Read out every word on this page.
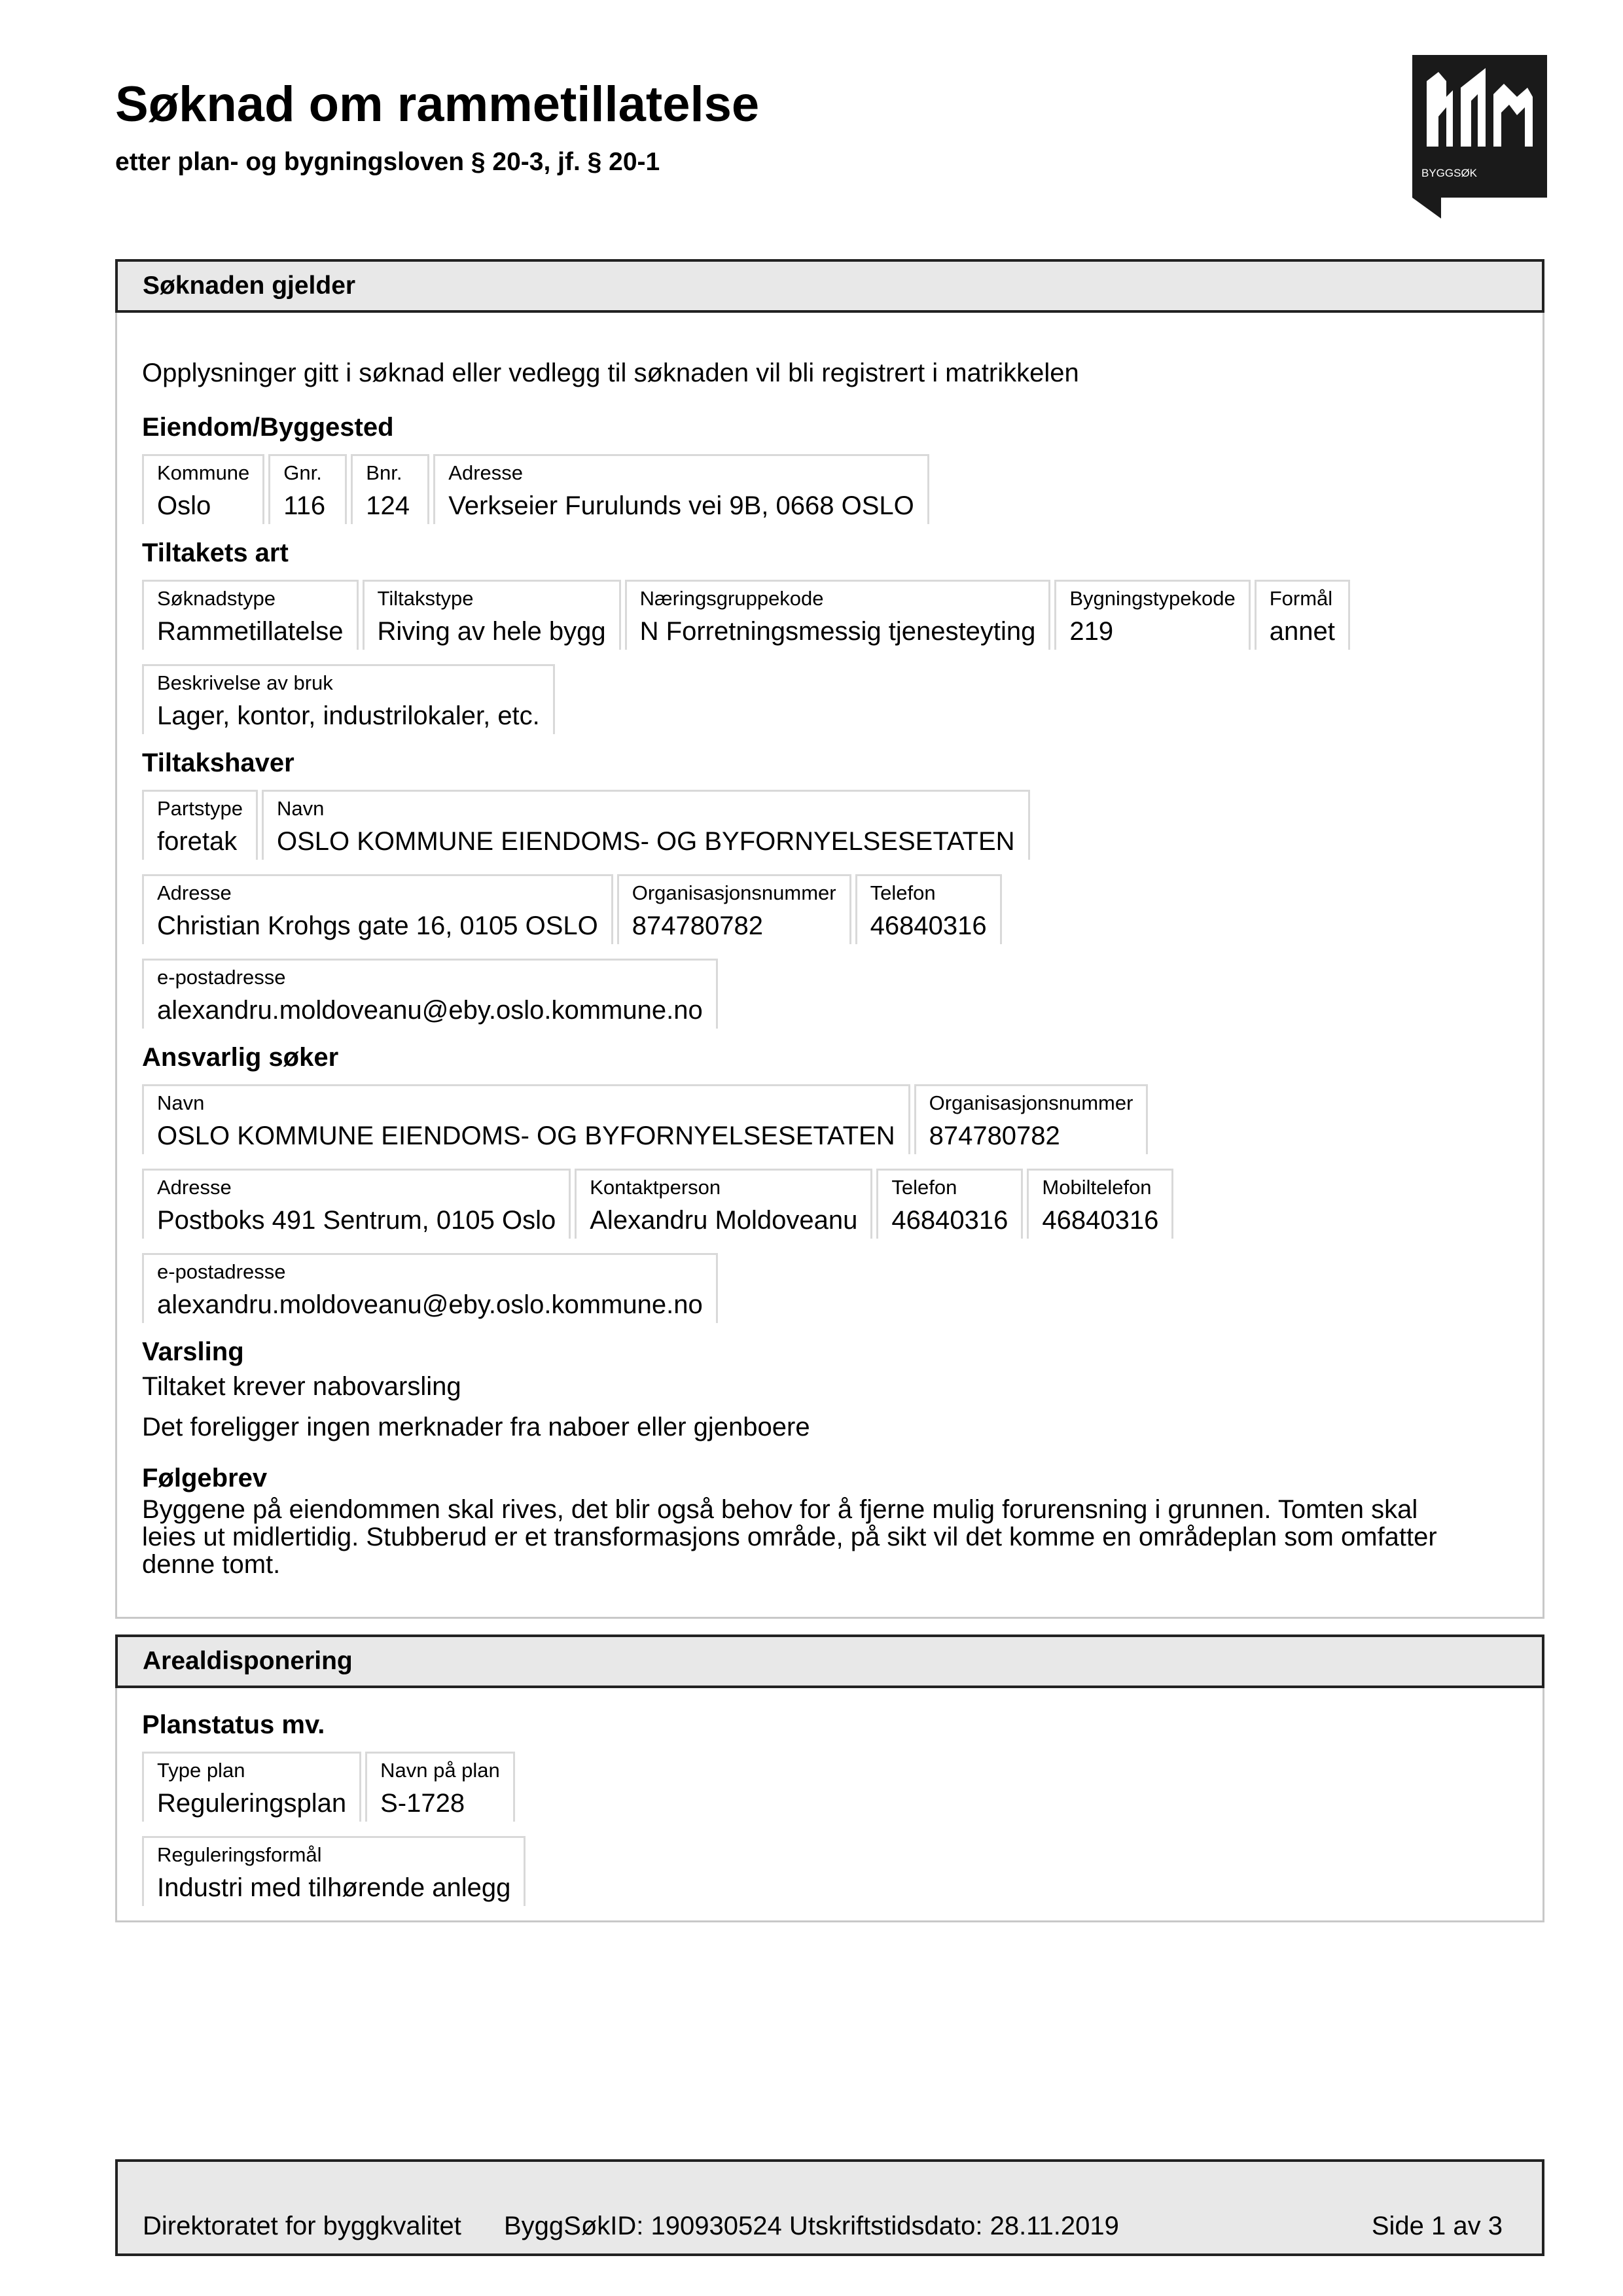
Søknad om rammetillatelse
etter plan- og bygningsloven § 20-3, jf. § 20-1	BYGGSØK
Søknaden gjelder

Opplysninger gitt i søknad eller vedlegg til søknaden vil bli registrert i matrikkelen

Eiendom/Byggested
Kommune
Oslo
Gnr.
116
Bnr.
124
Adresse
Verkseier Furulunds vei 9B, 0668 OSLO
Tiltakets art
Søknadstype
Rammetillatelse
Tiltakstype
Riving av hele bygg
Næringsgruppekode
N Forretningsmessig tjenesteyting
Bygningstypekode
219
Formål
annet
Beskrivelse av bruk
Lager, kontor, industrilokaler, etc.
Tiltakshaver
Partstype
foretak
Navn
OSLO KOMMUNE EIENDOMS- OG BYFORNYELSESETATEN
Adresse
Christian Krohgs gate 16, 0105 OSLO
Organisasjonsnummer
874780782
Telefon
46840316
e-postadresse
alexandru.moldoveanu@eby.oslo.kommune.no
Ansvarlig søker
Navn
OSLO KOMMUNE EIENDOMS- OG BYFORNYELSESETATEN
Organisasjonsnummer
874780782
Adresse
Postboks 491 Sentrum, 0105 Oslo
Kontaktperson
Alexandru Moldoveanu
Telefon
46840316
Mobiltelefon
46840316
e-postadresse
alexandru.moldoveanu@eby.oslo.kommune.no
Varsling
Tiltaket krever nabovarsling
Det foreligger ingen merknader fra naboer eller gjenboere
Følgebrev

Byggene på eiendommen skal rives, det blir også behov for å fjerne mulig forurensning i grunnen. Tomten skal

leies ut midlertidig. Stubberud er et transformasjons område, på sikt vil det komme en områdeplan som omfatter

denne tomt.

Arealdisponering
Planstatus mv.
Type plan
Reguleringsplan
Navn på plan
S-1728
Reguleringsformål
Industri med tilhørende anlegg
Direktoratet for byggkvalitet ByggSøkID: 190930524 Utskriftstidsdato: 28.11.2019	Side 1 av 3
